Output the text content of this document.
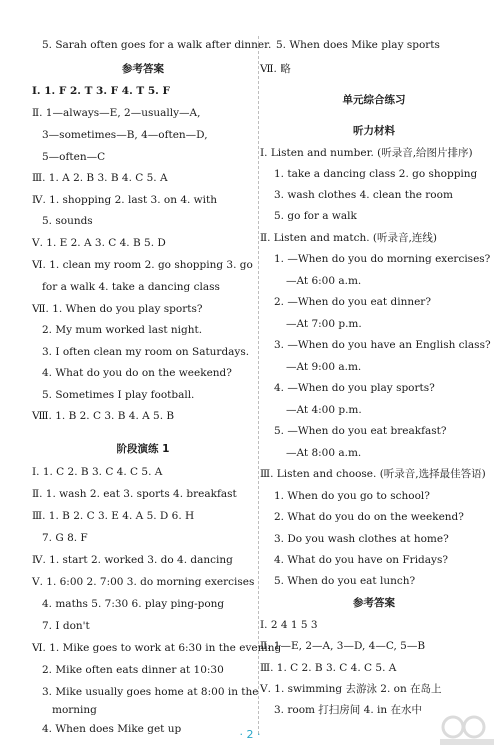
5. Sarah often goes for a walk after dinner.
参考答案
Ⅰ. 1. F 2. T 3. F 4. T 5. F
Ⅱ. 1—always—E, 2—usually—A,
3—sometimes—B, 4—often—D,
5—often—C
Ⅲ. 1. A 2. B 3. B 4. C 5. A
Ⅳ. 1. shopping 2. last 3. on 4. with
5. sounds
Ⅴ. 1. E 2. A 3. C 4. B 5. D
Ⅵ. 1. clean my room 2. go shopping 3. go
for a walk 4. take a dancing class
Ⅶ. 1. When do you play sports?
2. My mum worked last night.
3. I often clean my room on Saturdays.
4. What do you do on the weekend?
5. Sometimes I play football.
Ⅷ. 1. B 2. C 3. B 4. A 5. B
阶段演练 1
Ⅰ. 1. C 2. B 3. C 4. C 5. A
Ⅱ. 1. wash 2. eat 3. sports 4. breakfast
Ⅲ. 1. B 2. C 3. E 4. A 5. D 6. H
7. G 8. F
Ⅳ. 1. start 2. worked 3. do 4. dancing
Ⅴ. 1. 6:00 2. 7:00 3. do morning exercises
4. maths 5. 7:30 6. play ping-pong
7. I don't
Ⅵ. 1. Mike goes to work at 6:30 in the evening
2. Mike often eats dinner at 10:30
3. Mike usually goes home at 8:00 in the
morning
4. When does Mike get up
5. When does Mike play sports
Ⅶ. 略
单元综合练习
听力材料
Ⅰ. Listen and number. (听录音,给图片排序)
1. take a dancing class 2. go shopping
3. wash clothes 4. clean the room
5. go for a walk
Ⅱ. Listen and match. (听录音,连线)
1. —When do you do morning exercises?
—At 6:00 a.m.
2. —When do you eat dinner?
—At 7:00 p.m.
3. —When do you have an English class?
—At 9:00 a.m.
4. —When do you play sports?
—At 4:00 p.m.
5. —When do you eat breakfast?
—At 8:00 a.m.
Ⅲ. Listen and choose. (听录音,选择最佳答语)
1. When do you go to school?
2. What do you do on the weekend?
3. Do you wash clothes at home?
4. What do you have on Fridays?
5. When do you eat lunch?
参考答案
Ⅰ. 2 4 1 5 3
Ⅱ. 1—E, 2—A, 3—D, 4—C, 5—B
Ⅲ. 1. C 2. B 3. C 4. C 5. A
Ⅴ. 1. swimming 去游泳 2. on 在岛上
3. room 打扫房间 4. in 在水中
· 2 ·
